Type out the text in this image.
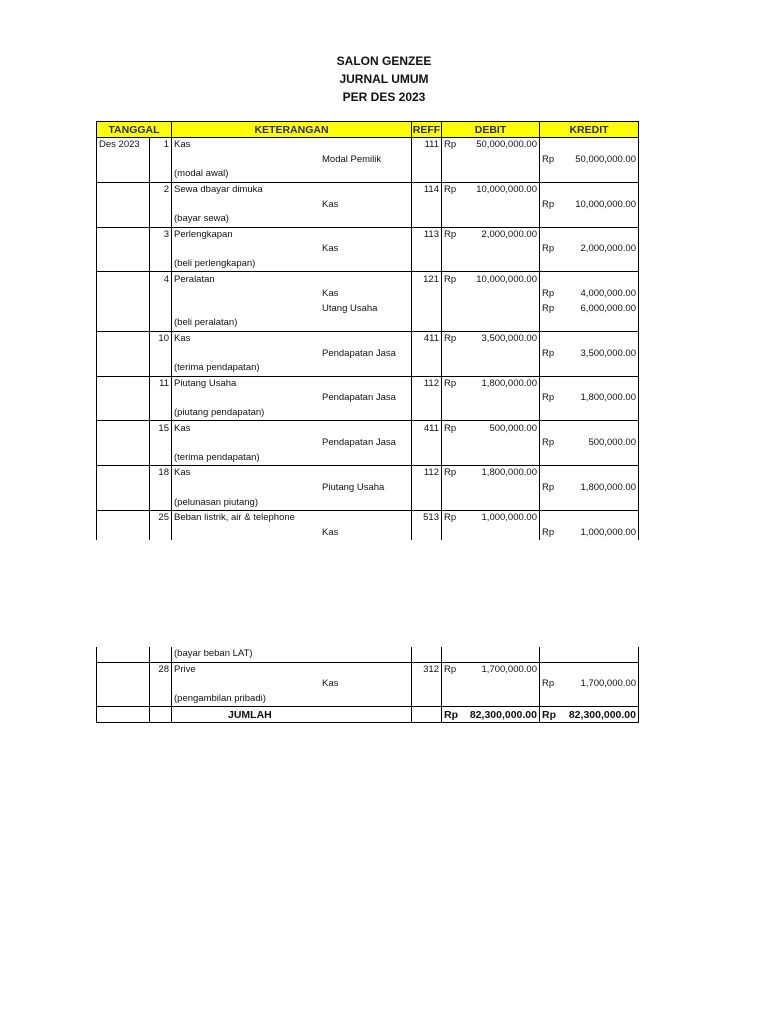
SALON GENZEE
JURNAL UMUM
PER DES 2023
TANGGAL		KETERANGAN	REFF	DEBIT		KREDIT	
Des 2023	1	Kas	111	Rp	50,000,000.00		
		Modal Pemilik				Rp	50,000,000.00
		(modal awal)					
	2	Sewa dbayar dimuka	114	Rp	10,000,000.00		
		Kas				Rp	10,000,000.00
		(bayar sewa)					
	3	Perlengkapan	113	Rp	2,000,000.00		
		Kas				Rp	2,000,000.00
		(beli perlengkapan)					
	4	Peralatan	121	Rp	10,000,000.00		
		Kas				Rp	4,000,000.00
		Utang Usaha				Rp	6,000,000.00
		(beli peralatan)					
	10	Kas	411	Rp	3,500,000.00		
		Pendapatan Jasa				Rp	3,500,000.00
		(terima pendapatan)					
	11	Piutang Usaha	112	Rp	1,800,000.00		
		Pendapatan Jasa				Rp	1,800,000.00
		(piutang pendapatan)					
	15	Kas	411	Rp	500,000.00		
		Pendapatan Jasa				Rp	500,000.00
		(terima pendapatan)					
	18	Kas	112	Rp	1,800,000.00		
		Piutang Usaha				Rp	1,800,000.00
		(pelunasan piutang)					
	25	Beban listrik, air & telephone	513	Rp	1,000,000.00		
		Kas				Rp	1,000,000.00
		(bayar beban LAT)					
	28	Prive	312	Rp	1,700,000.00		
		Kas				Rp	1,700,000.00
		(pengambilan pribadi)					
		JUMLAH		Rp	82,300,000.00	Rp	82,300,000.00
